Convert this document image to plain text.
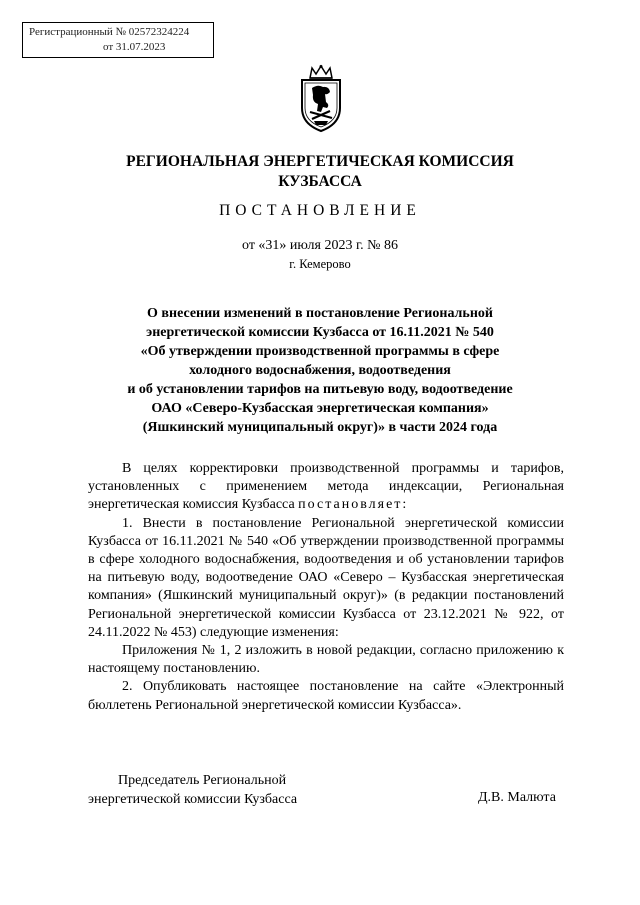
Регистрационный № 02572324224
от 31.07.2023
РЕГИОНАЛЬНАЯ ЭНЕРГЕТИЧЕСКАЯ КОМИССИЯ
КУЗБАССА
ПОСТАНОВЛЕНИЕ
от «31» июля 2023 г. № 86
г. Кемерово
О внесении изменений в постановление Региональной
энергетической комиссии Кузбасса от 16.11.2021 № 540
«Об утверждении производственной программы в сфере
холодного водоснабжения, водоотведения
и об установлении тарифов на питьевую воду, водоотведение
ОАО «Северо-Кузбасская энергетическая компания»
(Яшкинский муниципальный округ)» в части 2024 года

В целях корректировки производственной программы и тарифов, установленных с применением метода индексации, Региональная энергетическая комиссия Кузбасса постановляет:

1. Внести в постановление Региональной энергетической комиссии Кузбасса от 16.11.2021 № 540 «Об утверждении производственной программы в сфере холодного водоснабжения, водоотведения и об установлении тарифов на питьевую воду, водоотведение ОАО «Северо – Кузбасская энергетическая компания» (Яшкинский муниципальный округ)» (в редакции постановлений Региональной энергетической комиссии Кузбасса от 23.12.2021 № 922, от 24.11.2022 № 453) следующие изменения:

Приложения № 1, 2 изложить в новой редакции, согласно приложению к настоящему постановлению.

2. Опубликовать настоящее постановление на сайте «Электронный бюллетень Региональной энергетической комиссии Кузбасса».

Председатель Региональной
энергетической комиссии Кузбасса	Д.В. Малюта
